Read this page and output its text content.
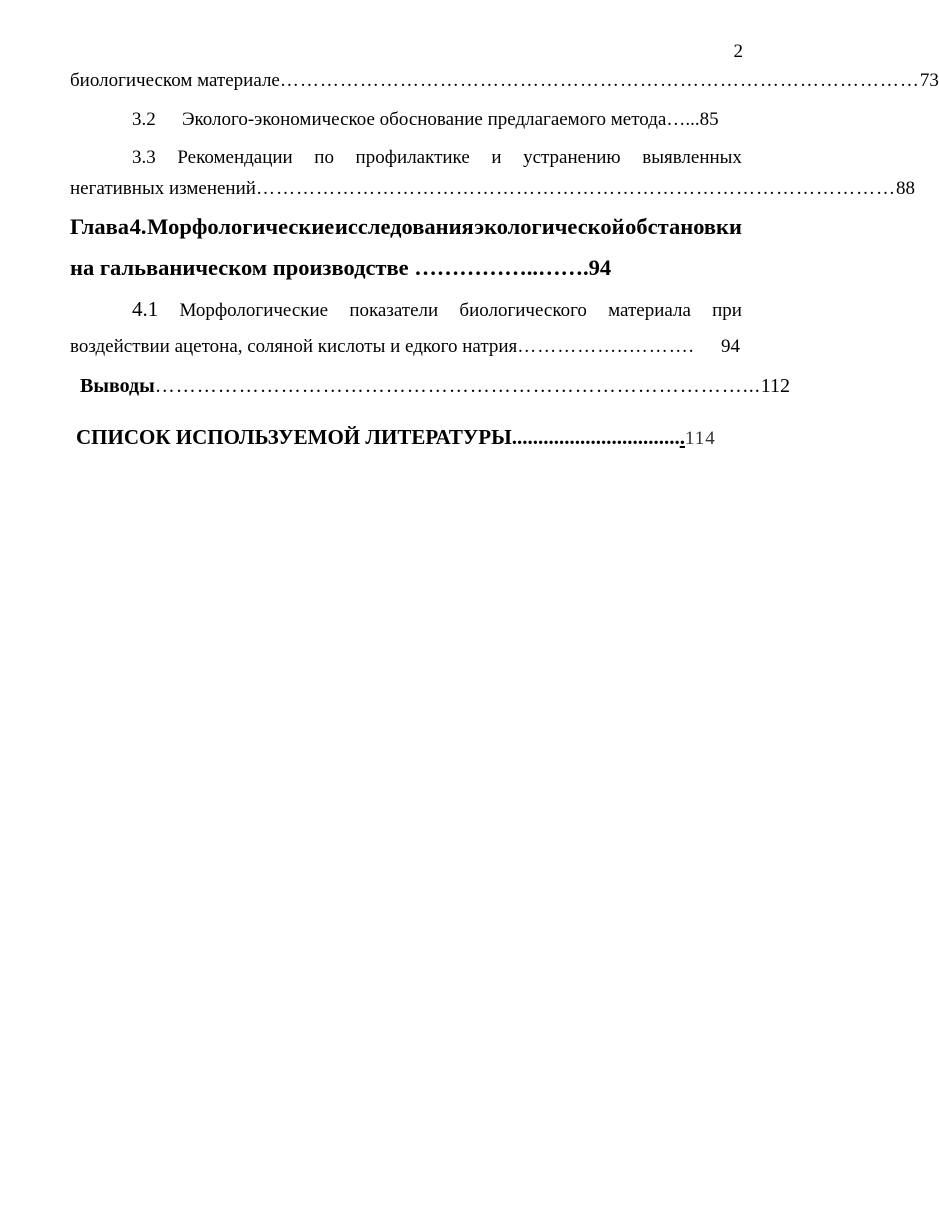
2
биологическом материале …………………………………………………………………………………… 73
3.2	Эколого-экономическое обоснование предлагаемого метода …... 85
3.3 Рекомендации по профилактике и устранению выявленных
негативных изменений …………………………………………………………………………………… 88
Глава 4. Морфологические исследования экологической обстановки
на гальваническом производстве ……………..…….94
4.1 Морфологические показатели биологического материала при
воздействии ацетона, соляной кислоты и едкого натрия ……………..……….	94
Выводы …………………………………………………………………………... 112
СПИСОК ИСПОЛЬЗУЕМОЙ ЛИТЕРАТУРЫ.................................114
